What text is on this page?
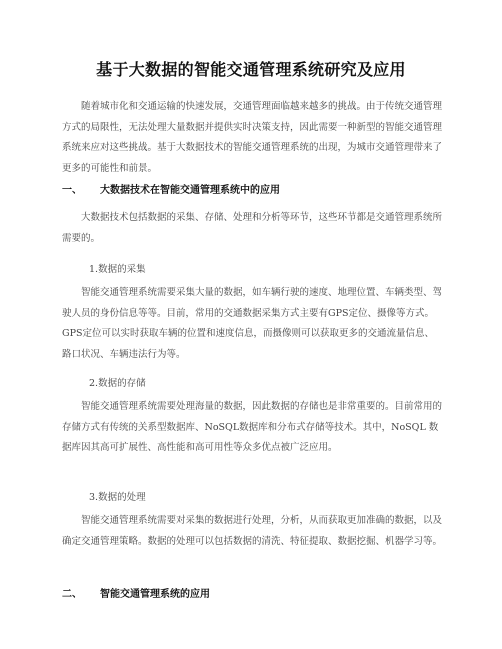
基于大数据的智能交通管理系统研究及应用

随着城市化和交通运输的快速发展，交通管理面临越来越多的挑战。由于传统交通管理方式的局限性，无法处理大量数据并提供实时决策支持，因此需要一种新型的智能交通管理系统来应对这些挑战。基于大数据技术的智能交通管理系统的出现，为城市交通管理带来了更多的可能性和前景。

一、 大数据技术在智能交通管理系统中的应用

大数据技术包括数据的采集、存储、处理和分析等环节，这些环节都是交通管理系统所需要的。

1.数据的采集

智能交通管理系统需要采集大量的数据，如车辆行驶的速度、地理位置、车辆类型、驾驶人员的身份信息等等。目前，常用的交通数据采集方式主要有GPS定位、摄像等方式。GPS定位可以实时获取车辆的位置和速度信息，而摄像则可以获取更多的交通流量信息、路口状况、车辆违法行为等。

2.数据的存储

智能交通管理系统需要处理海量的数据，因此数据的存储也是非常重要的。目前常用的存储方式有传统的关系型数据库、NoSQL数据库和分布式存储等技术。其中，NoSQL 数据库因其高可扩展性、高性能和高可用性等众多优点被广泛应用。

3.数据的处理

智能交通管理系统需要对采集的数据进行处理，分析，从而获取更加准确的数据，以及确定交通管理策略。数据的处理可以包括数据的清洗、特征提取、数据挖掘、机器学习等。

二、 智能交通管理系统的应用
